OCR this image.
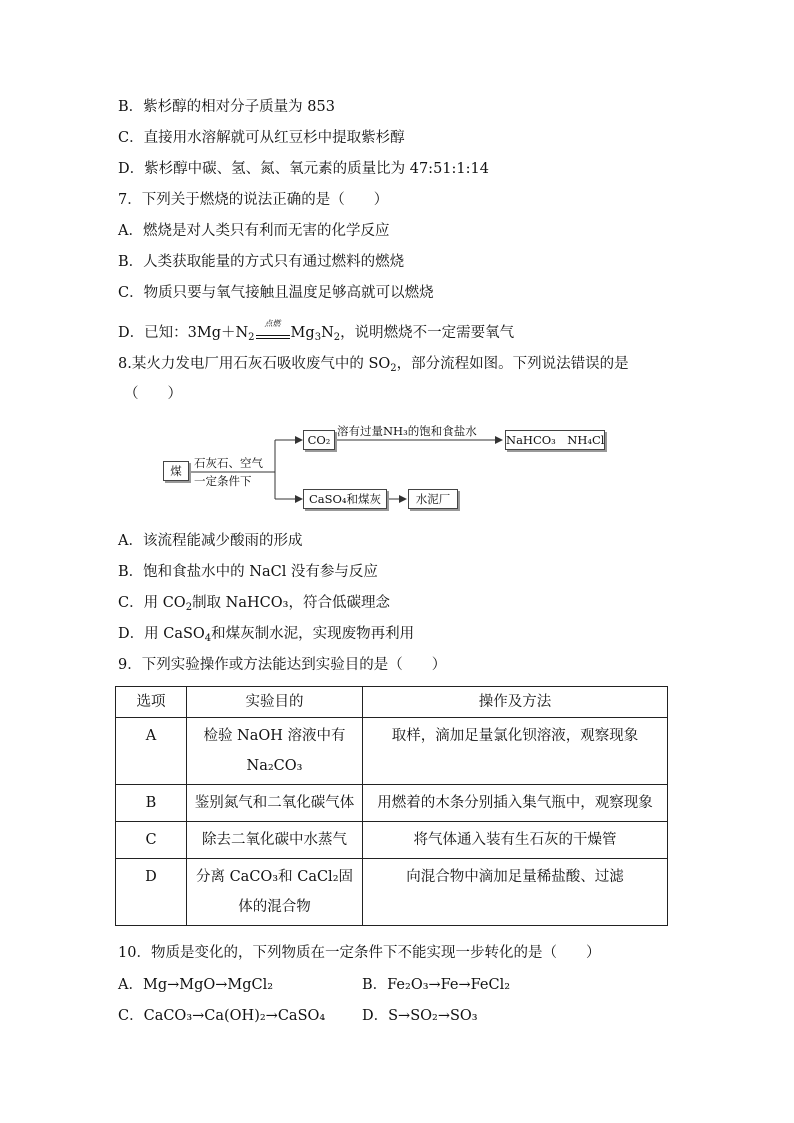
B．紫杉醇的相对分子质量为 853
C．直接用水溶解就可从红豆杉中提取紫杉醇
D．紫杉醇中碳、氢、氮、氧元素的质量比为 47:51:1:14
7．下列关于燃烧的说法正确的是（　　）
A．燃烧是对人类只有利而无害的化学反应
B．人类获取能量的方式只有通过燃料的燃烧
C．物质只要与氧气接触且温度足够高就可以燃烧
D．已知：$3Mg+N_2$
点燃
$Mg_3N_2$，说明燃烧不一定需要氧气
8.某火力发电厂用石灰石吸收废气中的 $SO_2$，部分流程如图。下列说法错误的是
（　　）
煤
石灰石、空气
一定条件下
CO₂
溶有过量NH₃的饱和食盐水
NaHCO₃　NH₄Cl
CaSO₄和煤灰	水泥厂
A．该流程能减少酸雨的形成
B．饱和食盐水中的 NaCl 没有参与反应
C．用 $CO_2$制取 NaHCO₃，符合低碳理念
D．用 CaSO$_4$和煤灰制水泥，实现废物再利用
9．下列实验操作或方法能达到实验目的是（　　）
选项	实验目的	操作及方法
A	检验 NaOH 溶液中有 Na₂CO₃	取样，滴加足量氯化钡溶液，观察现象
B	鉴别氮气和二氧化碳气体	用燃着的木条分别插入集气瓶中，观察现象
C	除去二氧化碳中水蒸气	将气体通入装有生石灰的干燥管
D	分离 CaCO₃和 CaCl₂固体的混合物	向混合物中滴加足量稀盐酸、过滤
10．物质是变化的，下列物质在一定条件下不能实现一步转化的是（　　）
A．Mg→MgO→MgCl₂	B．Fe₂O₃→Fe→FeCl₂
C．CaCO₃→Ca(OH)₂→CaSO₄	D．S→SO₂→SO₃
